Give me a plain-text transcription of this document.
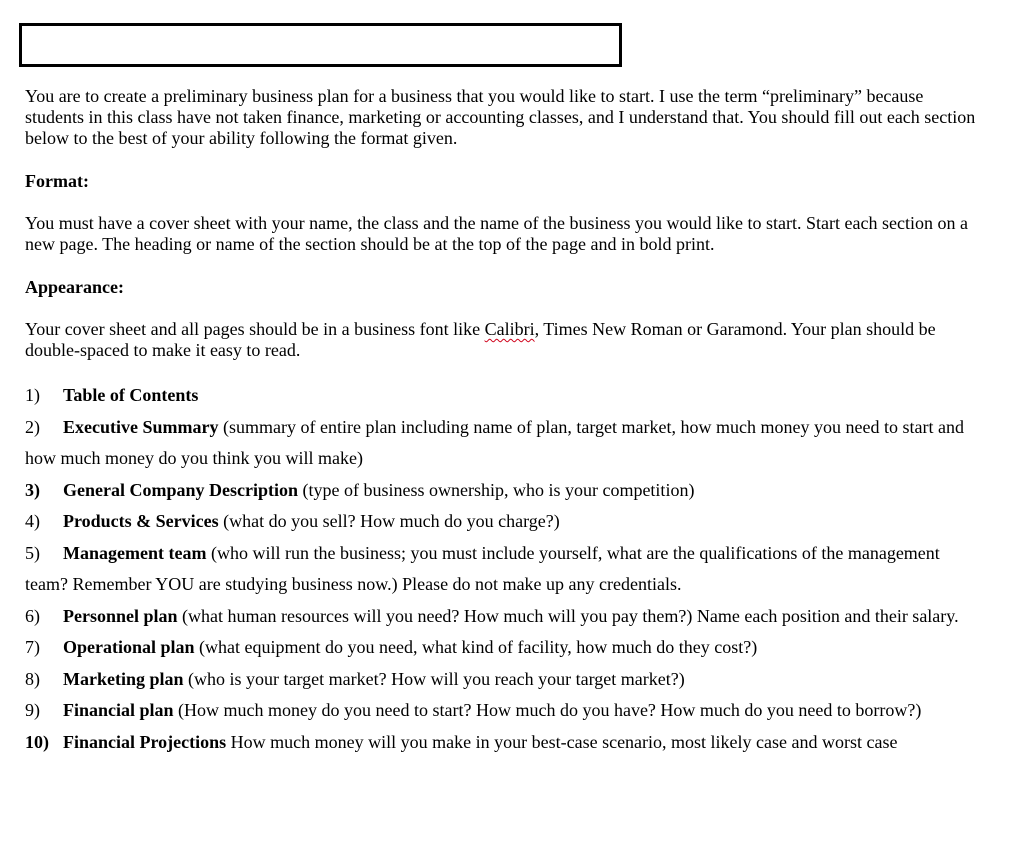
You are to create a preliminary business plan for a business that you would like to start. I use the term “preliminary” because students in this class have not taken finance, marketing or accounting classes, and I understand that. You should fill out each section below to the best of your ability following the format given.

Format:

You must have a cover sheet with your name, the class and the name of the business you would like to start. Start each section on a new page. The heading or name of the section should be at the top of the page and in bold print.

Appearance:

Your cover sheet and all pages should be in a business font like Calibri, Times New Roman or Garamond. Your plan should be double-spaced to make it easy to read.

1) Table of Contents
2) Executive Summary (summary of entire plan including name of plan, target market, how much money you need to start and how much money do you think you will make)
3) General Company Description (type of business ownership, who is your competition)
4) Products & Services (what do you sell? How much do you charge?)
5) Management team (who will run the business; you must include yourself, what are the qualifications of the management team? Remember YOU are studying business now.) Please do not make up any credentials.
6) Personnel plan (what human resources will you need? How much will you pay them?) Name each position and their salary.
7) Operational plan (what equipment do you need, what kind of facility, how much do they cost?)
8) Marketing plan (who is your target market? How will you reach your target market?)
9) Financial plan (How much money do you need to start? How much do you have? How much do you need to borrow?)
10) Financial Projections How much money will you make in your best-case scenario, most likely case and worst case
